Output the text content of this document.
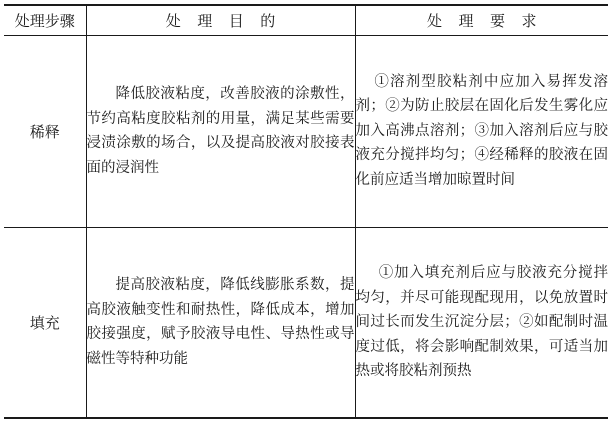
处理步骤	处理目的	处理要求
稀释	降低胶液粘度，改善胶液的涂敷性，节约高粘度胶粘剂的用量，满足某些需要浸渍涂敷的场合，以及提高胶液对胶接表面的浸润性	①溶剂型胶粘剂中应加入易挥发溶剂；②为防止胶层在固化后发生雾化应加入高沸点溶剂；③加入溶剂后应与胶液充分搅拌均匀；④经稀释的胶液在固化前应适当增加晾置时间

填充	提高胶液粘度，降低线膨胀系数，提高胶液触变性和耐热性，降低成本，增加胶接强度，赋予胶液导电性、导热性或导磁性等特种功能	①加入填充剂后应与胶液充分搅拌均匀，并尽可能现配现用，以免放置时间过长而发生沉淀分层；②如配制时温度过低，将会影响配制效果，可适当加热或将胶粘剂预热
